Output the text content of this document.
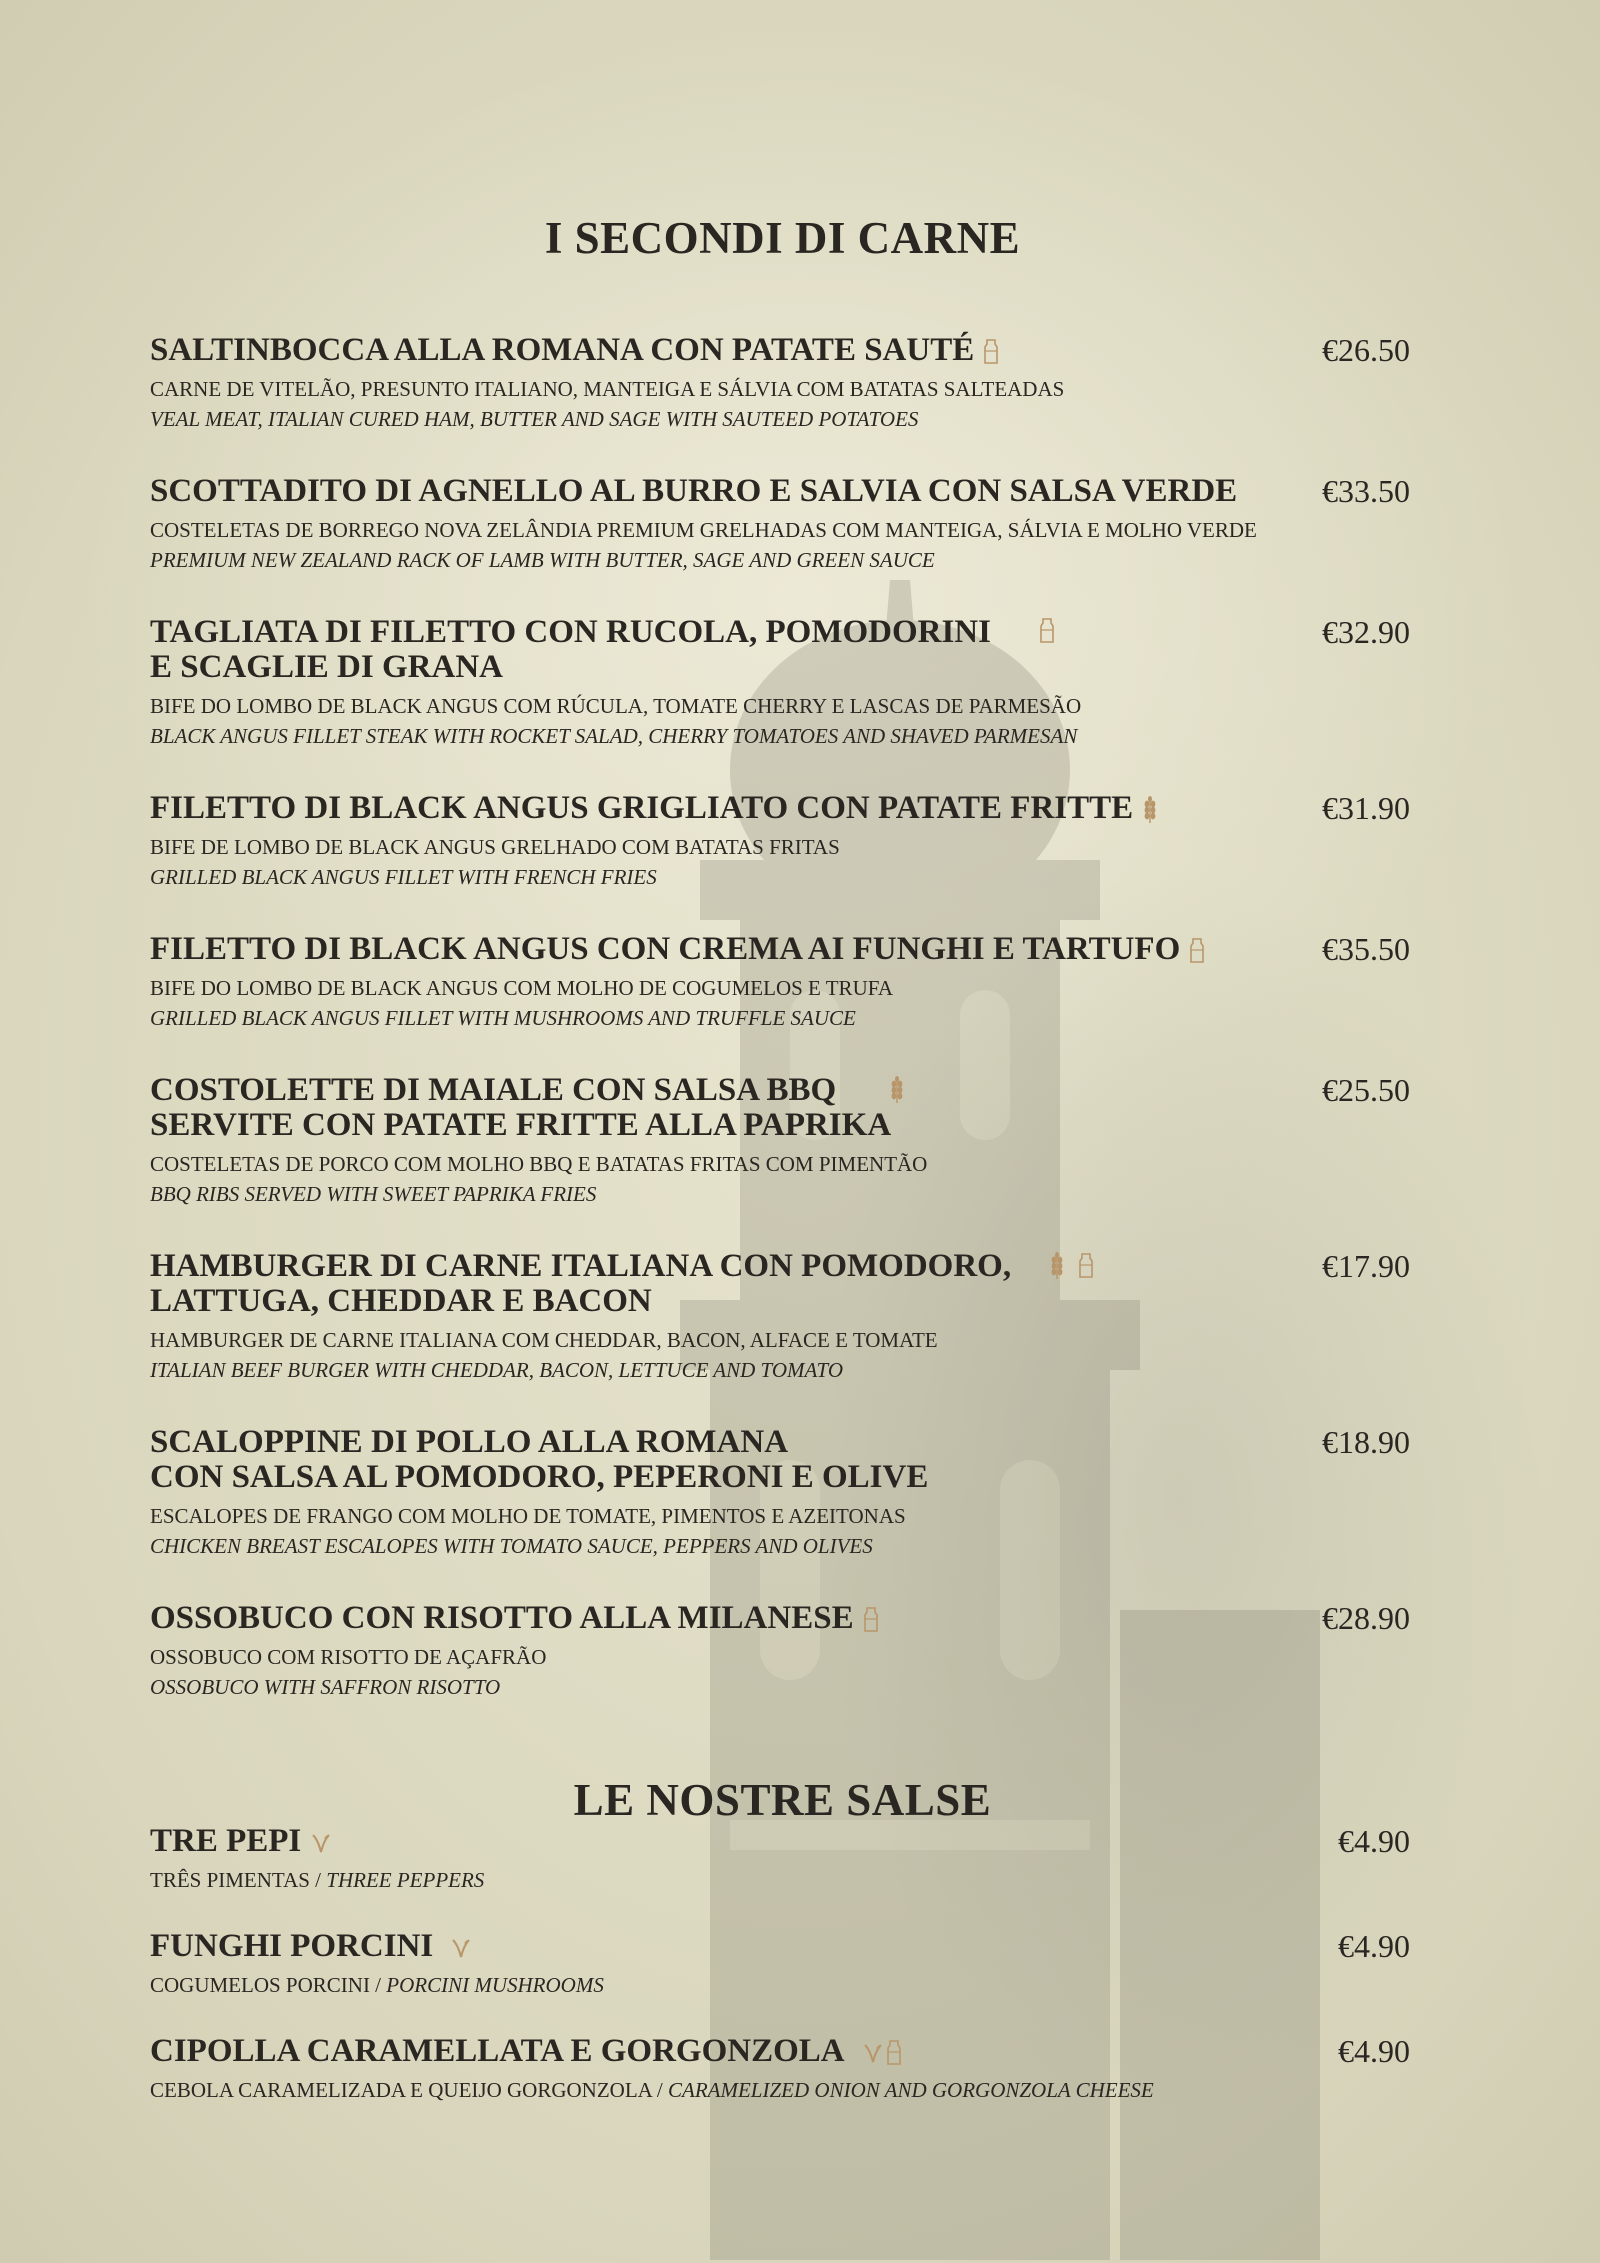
I SECONDI DI CARNE
SALTINBOCCA ALLA ROMANA CON PATATE SAUTÉ	€26.50
CARNE DE VITELÃO, PRESUNTO ITALIANO, MANTEIGA E SÁLVIA COM BATATAS SALTEADAS
VEAL MEAT, ITALIAN CURED HAM, BUTTER AND SAGE WITH SAUTEED POTATOES
SCOTTADITO DI AGNELLO AL BURRO E SALVIA CON SALSA VERDE	€33.50
COSTELETAS DE BORREGO NOVA ZELÂNDIA PREMIUM GRELHADAS COM MANTEIGA, SÁLVIA E MOLHO VERDE
PREMIUM NEW ZEALAND RACK OF LAMB WITH BUTTER, SAGE AND GREEN SAUCE
TAGLIATA DI FILETTO CON RUCOLA, POMODORINI
E SCAGLIE DI GRANA
€32.90
BIFE DO LOMBO DE BLACK ANGUS COM RÚCULA, TOMATE CHERRY E LASCAS DE PARMESÃO
BLACK ANGUS FILLET STEAK WITH ROCKET SALAD, CHERRY TOMATOES AND SHAVED PARMESAN
FILETTO DI BLACK ANGUS GRIGLIATO CON PATATE FRITTE	€31.90
BIFE DE LOMBO DE BLACK ANGUS GRELHADO COM BATATAS FRITAS
GRILLED BLACK ANGUS FILLET WITH FRENCH FRIES
FILETTO DI BLACK ANGUS CON CREMA AI FUNGHI E TARTUFO	€35.50
BIFE DO LOMBO DE BLACK ANGUS COM MOLHO DE COGUMELOS E TRUFA
GRILLED BLACK ANGUS FILLET WITH MUSHROOMS AND TRUFFLE SAUCE
COSTOLETTE DI MAIALE CON SALSA BBQ
SERVITE CON PATATE FRITTE ALLA PAPRIKA
€25.50
COSTELETAS DE PORCO COM MOLHO BBQ E BATATAS FRITAS COM PIMENTÃO
BBQ RIBS SERVED WITH SWEET PAPRIKA FRIES
HAMBURGER DI CARNE ITALIANA CON POMODORO,
LATTUGA, CHEDDAR E BACON

€17.90
HAMBURGER DE CARNE ITALIANA COM CHEDDAR, BACON, ALFACE E TOMATE
ITALIAN BEEF BURGER WITH CHEDDAR, BACON, LETTUCE AND TOMATO
SCALOPPINE DI POLLO ALLA ROMANA
CON SALSA AL POMODORO, PEPERONI E OLIVE
€18.90
ESCALOPES DE FRANGO COM MOLHO DE TOMATE, PIMENTOS E AZEITONAS
CHICKEN BREAST ESCALOPES WITH TOMATO SAUCE, PEPPERS AND OLIVES
OSSOBUCO CON RISOTTO ALLA MILANESE	€28.90
OSSOBUCO COM RISOTTO DE AÇAFRÃO
OSSOBUCO WITH SAFFRON RISOTTO
LE NOSTRE SALSE
TRE PEPI	€4.90
TRÊS PIMENTAS / THREE PEPPERS
FUNGHI PORCINI	€4.90
COGUMELOS PORCINI / PORCINI MUSHROOMS
CIPOLLA CARAMELLATA E GORGONZOLA	€4.90
CEBOLA CARAMELIZADA E QUEIJO GORGONZOLA / CARAMELIZED ONION AND GORGONZOLA CHEESE
